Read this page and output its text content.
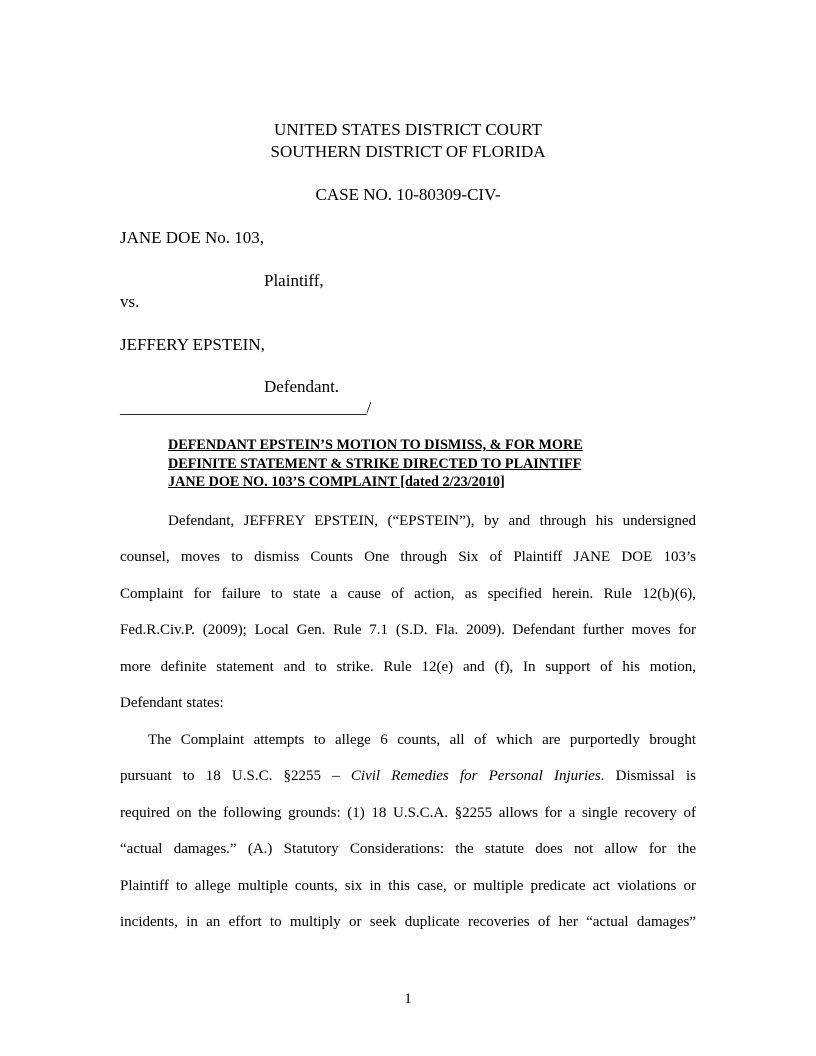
UNITED STATES DISTRICT COURT
SOUTHERN DISTRICT OF FLORIDA
CASE NO. 10-80309-CIV-
JANE DOE No. 103,
Plaintiff,
vs.
JEFFERY EPSTEIN,
Defendant.
_____________________________/
DEFENDANT EPSTEIN’S MOTION TO DISMISS, & FOR MORE
DEFINITE STATEMENT & STRIKE DIRECTED TO PLAINTIFF
JANE DOE NO. 103’S COMPLAINT [dated 2/23/2010]
Defendant, JEFFREY EPSTEIN, (“EPSTEIN”), by and through his undersigned
counsel, moves to dismiss Counts One through Six of Plaintiff JANE DOE 103’s
Complaint for failure to state a cause of action, as specified herein. Rule 12(b)(6),
Fed.R.Civ.P. (2009); Local Gen. Rule 7.1 (S.D. Fla. 2009). Defendant further moves for
more definite statement and to strike. Rule 12(e) and (f), In support of his motion,
Defendant states:
The Complaint attempts to allege 6 counts, all of which are purportedly brought
pursuant to 18 U.S.C. §2255 – Civil Remedies for Personal Injuries. Dismissal is
required on the following grounds: (1) 18 U.S.C.A. §2255 allows for a single recovery of
“actual damages.” (A.) Statutory Considerations: the statute does not allow for the
Plaintiff to allege multiple counts, six in this case, or multiple predicate act violations or
incidents, in an effort to multiply or seek duplicate recoveries of her “actual damages”
1
